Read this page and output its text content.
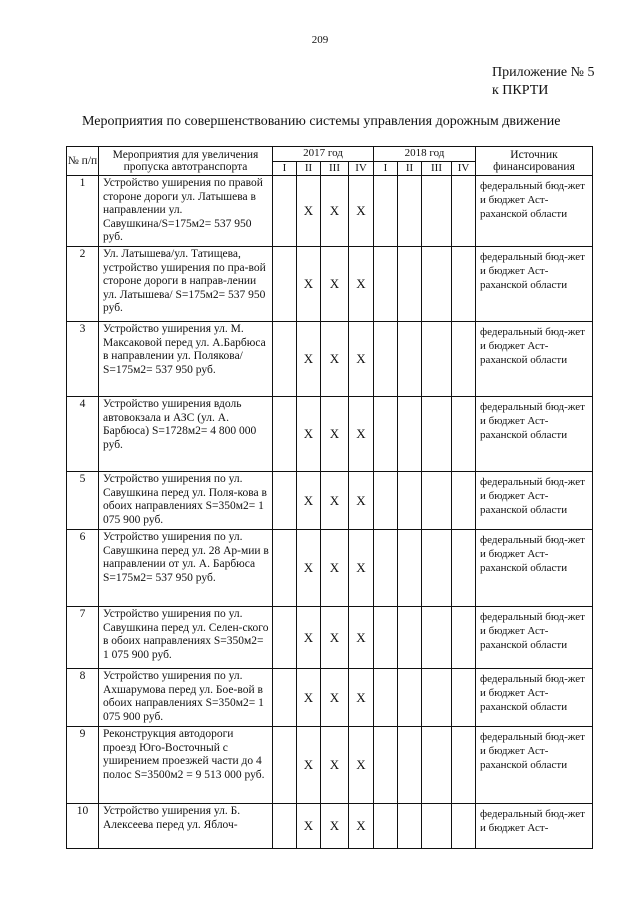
209
Приложение № 5
к ПКРТИ
Мероприятия по совершенствованию системы управления дорожным движение
№ п/п	Мероприятия для увеличения пропуска автотранспорта	2017 год				2018 год				Источник финансирования
		I	II	III	IV	I	II	III	IV	
1	Устройство уширения по правой стороне дороги ул. Латышева в направлении ул. Савушкина/S=175м2= 537 950 руб.		Х	Х	Х					федеральный бюд-жет и бюджет Аст-раханской области
2	Ул. Латышева/ул. Татищева, устройство уширения по пра-вой стороне дороги в направ-лении ул. Латышева/ S=175м2= 537 950 руб.		Х	Х	Х					федеральный бюд-жет и бюджет Аст-раханской области
3	Устройство уширения ул. М. Максаковой перед ул. А.Барбюса в направлении ул. Полякова/ S=175м2= 537 950 руб.		Х	Х	Х					федеральный бюд-жет и бюджет Аст-раханской области
4	Устройство уширения вдоль автовокзала и АЗС (ул. А. Барбюса) S=1728м2= 4 800 000 руб.		Х	Х	Х					федеральный бюд-жет и бюджет Аст-раханской области
5	Устройство уширения по ул. Савушкина перед ул. Поля-кова в обоих направлениях S=350м2= 1 075 900 руб.		Х	Х	Х					федеральный бюд-жет и бюджет Аст-раханской области
6	Устройство уширения по ул. Савушкина перед ул. 28 Ар-мии в направлении от ул. А. Барбюса S=175м2= 537 950 руб.		Х	Х	Х					федеральный бюд-жет и бюджет Аст-раханской области
7	Устройство уширения по ул. Савушкина перед ул. Селен-ского в обоих направлениях S=350м2= 1 075 900 руб.		Х	Х	Х					федеральный бюд-жет и бюджет Аст-раханской области
8	Устройство уширения по ул. Ахшарумова перед ул. Бое-вой в обоих направлениях S=350м2= 1 075 900 руб.		Х	Х	Х					федеральный бюд-жет и бюджет Аст-раханской области
9	Реконструкция автодороги проезд Юго-Восточный с уширением проезжей части до 4 полос S=3500м2 = 9 513 000 руб.		Х	Х	Х					федеральный бюд-жет и бюджет Аст-раханской области
10	Устройство уширения ул. Б. Алексеева перед ул. Яблоч-		Х	Х	Х					федеральный бюд-жет и бюджет Аст-
